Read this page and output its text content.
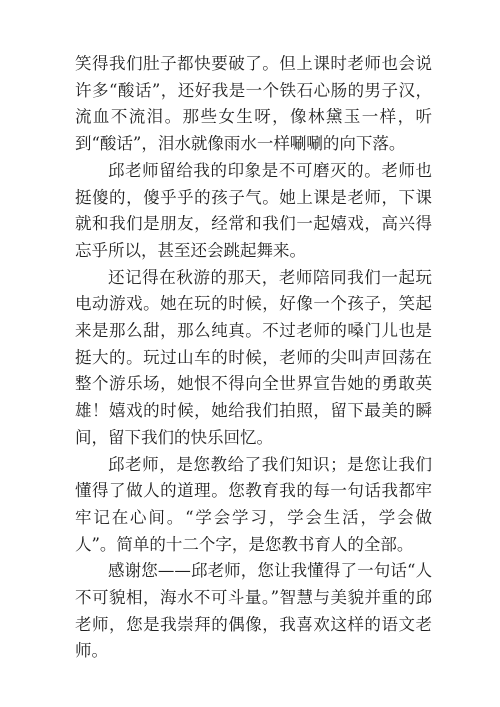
笑得我们肚子都快要破了。但上课时老师也会说许多“酸话”，还好我是一个铁石心肠的男子汉，流血不流泪。那些女生呀，像林黛玉一样，听到“酸话”，泪水就像雨水一样唰唰的向下落。

邱老师留给我的印象是不可磨灭的。老师也挺傻的，傻乎乎的孩子气。她上课是老师，下课就和我们是朋友，经常和我们一起嬉戏，高兴得忘乎所以，甚至还会跳起舞来。

还记得在秋游的那天，老师陪同我们一起玩电动游戏。她在玩的时候，好像一个孩子，笑起来是那么甜，那么纯真。不过老师的嗓门儿也是挺大的。玩过山车的时候，老师的尖叫声回荡在整个游乐场，她恨不得向全世界宣告她的勇敢英雄！嬉戏的时候，她给我们拍照，留下最美的瞬间，留下我们的快乐回忆。

邱老师，是您教给了我们知识；是您让我们懂得了做人的道理。您教育我的每一句话我都牢牢记在心间。“学会学习，学会生活，学会做人”。简单的十二个字，是您教书育人的全部。

感谢您——邱老师，您让我懂得了一句话“人不可貌相，海水不可斗量。”智慧与美貌并重的邱老师，您是我崇拜的偶像，我喜欢这样的语文老师。
